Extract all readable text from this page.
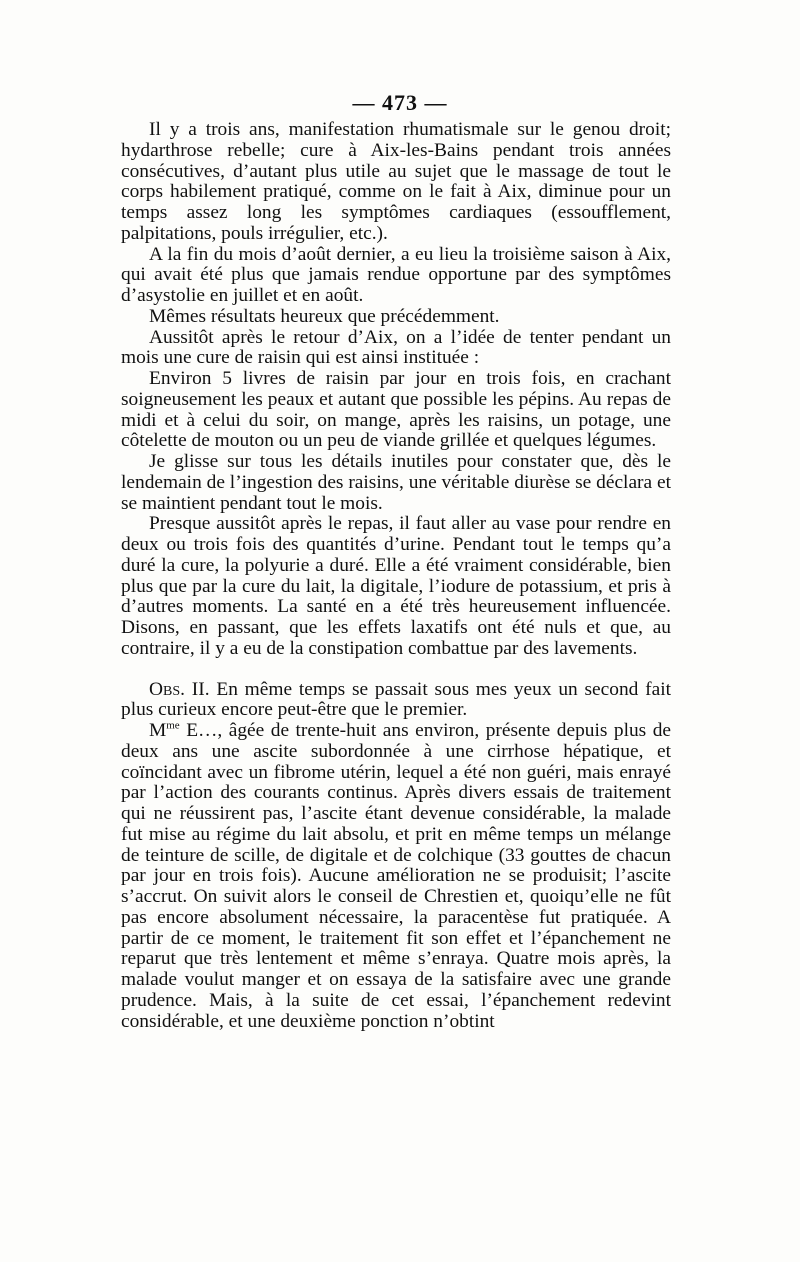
— 473 —

Il y a trois ans, manifestation rhumatismale sur le genou droit; hydarthrose rebelle; cure à Aix-les-Bains pendant trois années consécutives, d’autant plus utile au sujet que le massage de tout le corps habilement pratiqué, comme on le fait à Aix, diminue pour un temps assez long les symptômes cardiaques (essoufflement, palpitations, pouls irrégulier, etc.).

A la fin du mois d’août dernier, a eu lieu la troisième saison à Aix, qui avait été plus que jamais rendue opportune par des symptômes d’asystolie en juillet et en août.

Mêmes résultats heureux que précédemment.

Aussitôt après le retour d’Aix, on a l’idée de tenter pendant un mois une cure de raisin qui est ainsi instituée :

Environ 5 livres de raisin par jour en trois fois, en crachant soigneusement les peaux et autant que possible les pépins. Au repas de midi et à celui du soir, on mange, après les raisins, un potage, une côtelette de mouton ou un peu de viande grillée et quelques légumes.

Je glisse sur tous les détails inutiles pour constater que, dès le lendemain de l’ingestion des raisins, une véritable diurèse se déclara et se maintient pendant tout le mois.

Presque aussitôt après le repas, il faut aller au vase pour rendre en deux ou trois fois des quantités d’urine. Pendant tout le temps qu’a duré la cure, la polyurie a duré. Elle a été vraiment considérable, bien plus que par la cure du lait, la digitale, l’iodure de potassium, et pris à d’autres moments. La santé en a été très heureusement influencée. Disons, en passant, que les effets laxatifs ont été nuls et que, au contraire, il y a eu de la constipation combattue par des lavements.

Obs. II. En même temps se passait sous mes yeux un second fait plus curieux encore peut-être que le premier.

$M^{me}$ E…, âgée de trente-huit ans environ, présente depuis plus de deux ans une ascite subordonnée à une cirrhose hépatique, et coïncidant avec un fibrome utérin, lequel a été non guéri, mais enrayé par l’action des courants continus. Après divers essais de traitement qui ne réussirent pas, l’ascite étant devenue considérable, la malade fut mise au régime du lait absolu, et prit en même temps un mélange de teinture de scille, de digitale et de colchique (33 gouttes de chacun par jour en trois fois). Aucune amélioration ne se produisit; l’ascite s’accrut. On suivit alors le conseil de Chrestien et, quoiqu’elle ne fût pas encore absolument nécessaire, la paracentèse fut pratiquée. A partir de ce moment, le traitement fit son effet et l’épanchement ne reparut que très lentement et même s’enraya. Quatre mois après, la malade voulut manger et on essaya de la satisfaire avec une grande prudence. Mais, à la suite de cet essai, l’épanchement redevint considérable, et une deuxième ponction n’obtint
